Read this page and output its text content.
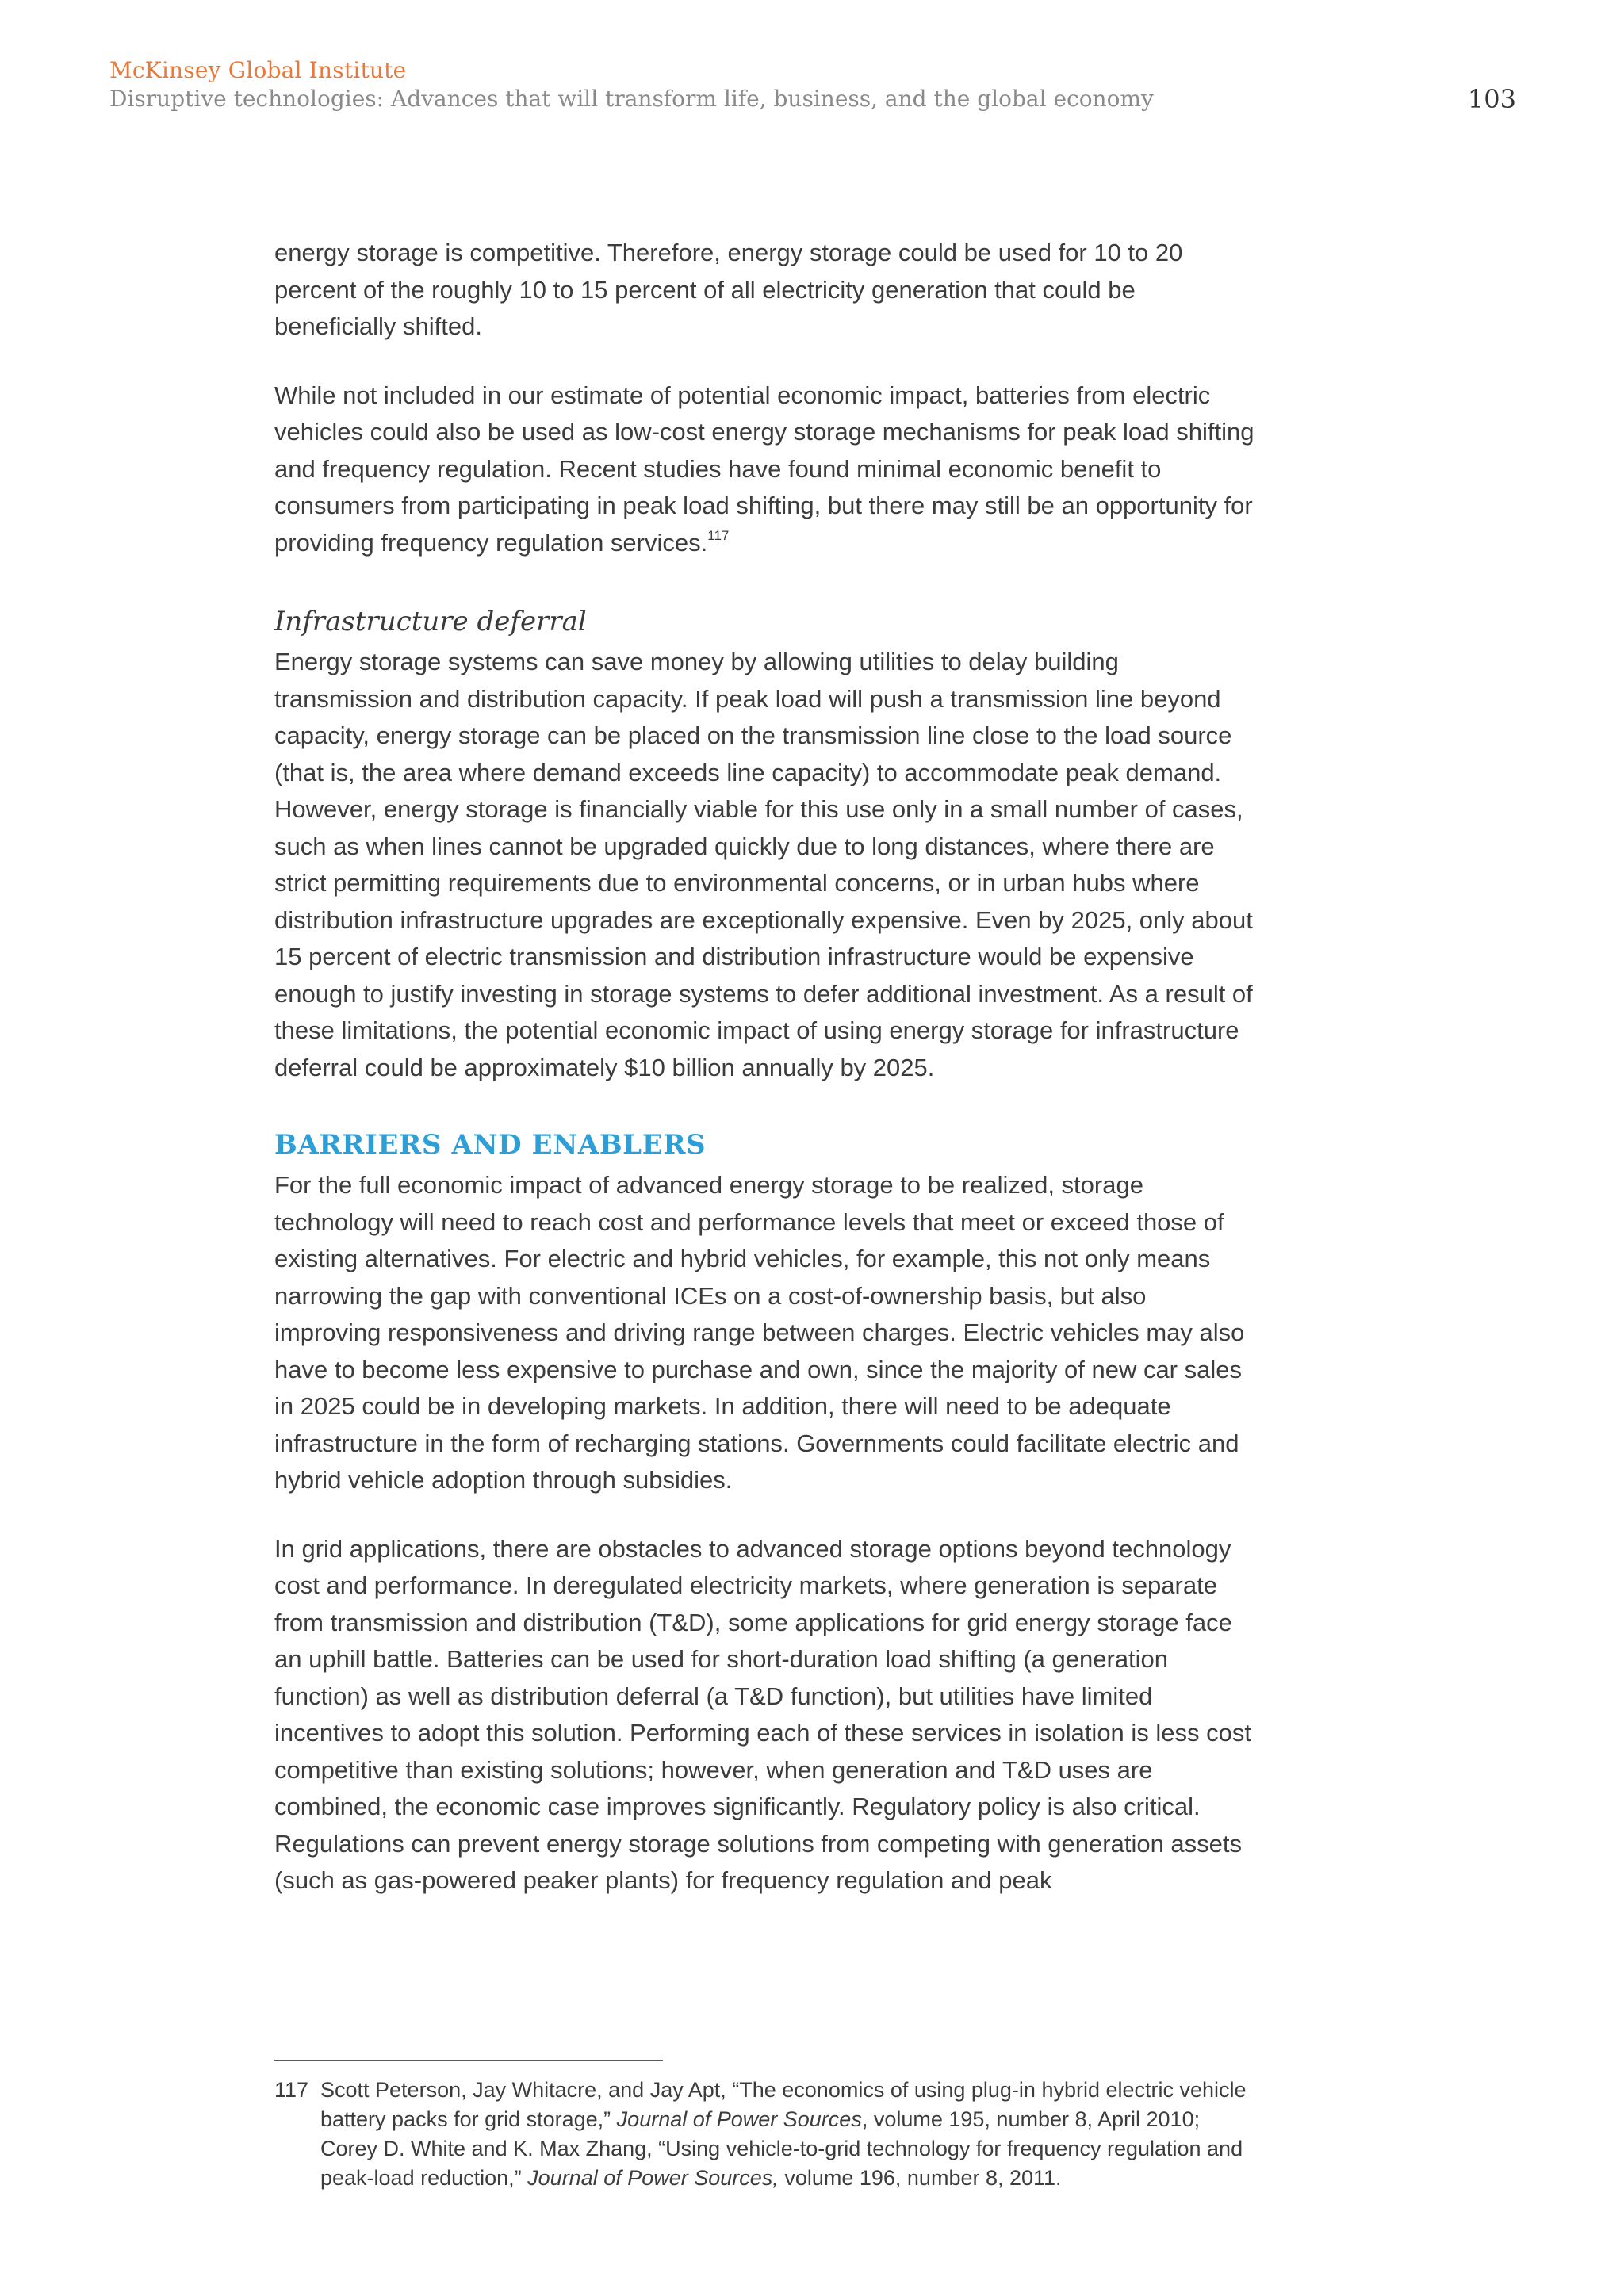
McKinsey Global Institute
Disruptive technologies: Advances that will transform life, business, and the global economy	103

energy storage is competitive. Therefore, energy storage could be used for 10 to 20 percent of the roughly 10 to 15 percent of all electricity generation that could be beneficially shifted.

While not included in our estimate of potential economic impact, batteries from electric vehicles could also be used as low-cost energy storage mechanisms for peak load shifting and frequency regulation. Recent studies have found minimal economic benefit to consumers from participating in peak load shifting, but there may still be an opportunity for providing frequency regulation services.$^{117}$

Infrastructure deferral

Energy storage systems can save money by allowing utilities to delay building transmission and distribution capacity. If peak load will push a transmission line beyond capacity, energy storage can be placed on the transmission line close to the load source (that is, the area where demand exceeds line capacity) to accommodate peak demand. However, energy storage is financially viable for this use only in a small number of cases, such as when lines cannot be upgraded quickly due to long distances, where there are strict permitting requirements due to environmental concerns, or in urban hubs where distribution infrastructure upgrades are exceptionally expensive. Even by 2025, only about 15 percent of electric transmission and distribution infrastructure would be expensive enough to justify investing in storage systems to defer additional investment. As a result of these limitations, the potential economic impact of using energy storage for infrastructure deferral could be approximately $10 billion annually by 2025.

BARRIERS AND ENABLERS

For the full economic impact of advanced energy storage to be realized, storage technology will need to reach cost and performance levels that meet or exceed those of existing alternatives. For electric and hybrid vehicles, for example, this not only means narrowing the gap with conventional ICEs on a cost-of-ownership basis, but also improving responsiveness and driving range between charges. Electric vehicles may also have to become less expensive to purchase and own, since the majority of new car sales in 2025 could be in developing markets. In addition, there will need to be adequate infrastructure in the form of recharging stations. Governments could facilitate electric and hybrid vehicle adoption through subsidies.

In grid applications, there are obstacles to advanced storage options beyond technology cost and performance. In deregulated electricity markets, where generation is separate from transmission and distribution (T&D), some applications for grid energy storage face an uphill battle. Batteries can be used for short-duration load shifting (a generation function) as well as distribution deferral (a T&D function), but utilities have limited incentives to adopt this solution. Performing each of these services in isolation is less cost competitive than existing solutions; however, when generation and T&D uses are combined, the economic case improves significantly. Regulatory policy is also critical. Regulations can prevent energy storage solutions from competing with generation assets (such as gas-powered peaker plants) for frequency regulation and peak

117 Scott Peterson, Jay Whitacre, and Jay Apt, “The economics of using plug-in hybrid electric vehicle battery packs for grid storage,” Journal of Power Sources, volume 195, number 8, April 2010; Corey D. White and K. Max Zhang, “Using vehicle-to-grid technology for frequency regulation and peak-load reduction,” Journal of Power Sources, volume 196, number 8, 2011.
